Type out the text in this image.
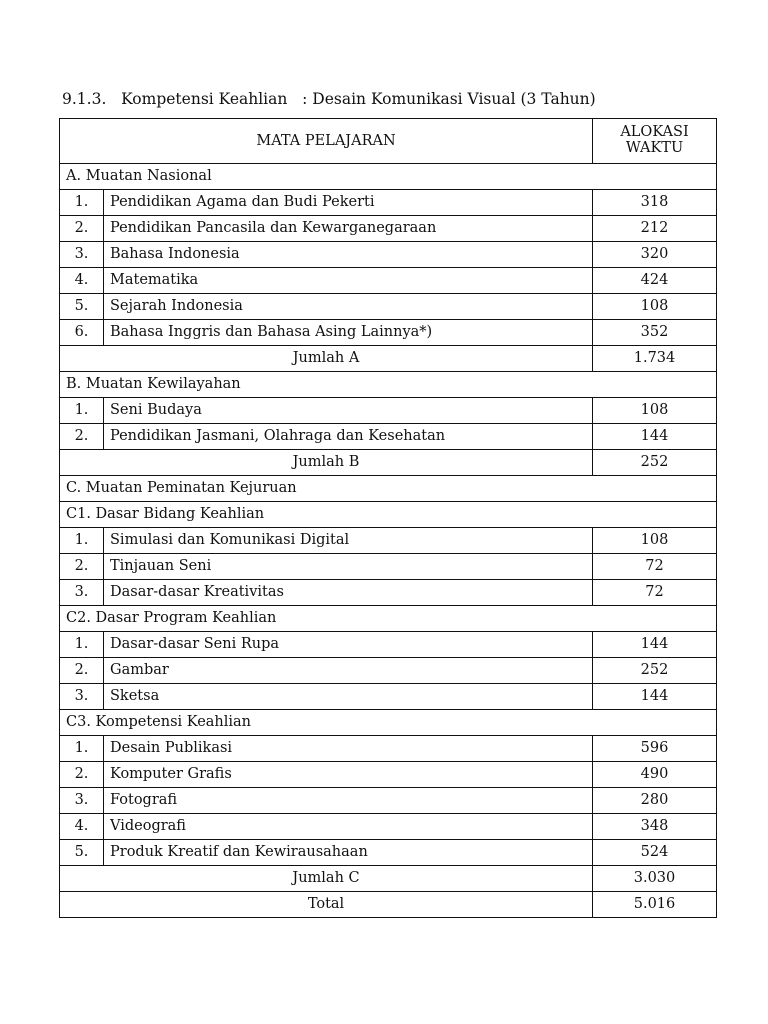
9.1.3.   Kompetensi Keahlian   : Desain Komunikasi Visual (3 Tahun)
MATA PELAJARAN		ALOKASI
WAKTU
A. Muatan Nasional		
1.	Pendidikan Agama dan Budi Pekerti	318
2.	Pendidikan Pancasila dan Kewarganegaraan	212
3.	Bahasa Indonesia	320
4.	Matematika	424
5.	Sejarah Indonesia	108
6.	Bahasa Inggris dan Bahasa Asing Lainnya*)	352
Jumlah A		1.734
B. Muatan Kewilayahan		
1.	Seni Budaya	108
2.	Pendidikan Jasmani, Olahraga dan Kesehatan	144
Jumlah B		252
C. Muatan Peminatan Kejuruan		
C1. Dasar Bidang Keahlian		
1.	Simulasi dan Komunikasi Digital	108
2.	Tinjauan Seni	72
3.	Dasar-dasar Kreativitas	72
C2. Dasar Program Keahlian		
1.	Dasar-dasar Seni Rupa	144
2.	Gambar	252
3.	Sketsa	144
C3. Kompetensi Keahlian		
1.	Desain Publikasi	596
2.	Komputer Grafis	490
3.	Fotografi	280
4.	Videografi	348
5.	Produk Kreatif dan Kewirausahaan	524
Jumlah C		3.030
Total		5.016
